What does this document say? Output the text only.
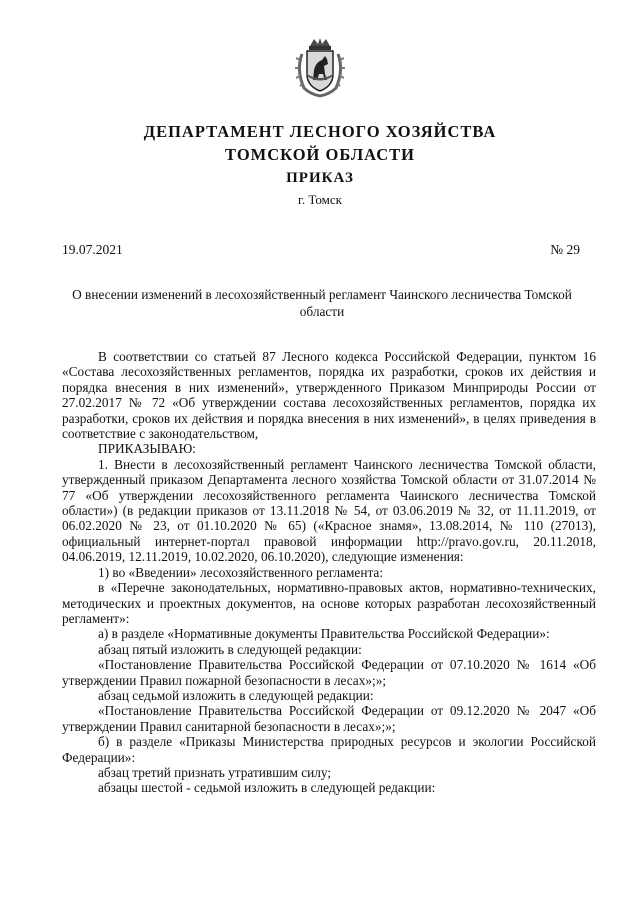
ДЕПАРТАМЕНТ ЛЕСНОГО ХОЗЯЙСТВА
ТОМСКОЙ ОБЛАСТИ
ПРИКАЗ
г. Томск
19.07.2021	№ 29
О внесении изменений в лесохозяйственный регламент Чаинского лесничества Томской области

В соответствии со статьей 87 Лесного кодекса Российской Федерации, пунктом 16 «Состава лесохозяйственных регламентов, порядка их разработки, сроков их действия и порядка внесения в них изменений», утвержденного Приказом Минприроды России от 27.02.2017 № 72 «Об утверждении состава лесохозяйственных регламентов, порядка их разработки, сроков их действия и порядка внесения в них изменений», в целях приведения в соответствие с законодательством,

ПРИКАЗЫВАЮ:

1. Внести в лесохозяйственный регламент Чаинского лесничества Томской области, утвержденный приказом Департамента лесного хозяйства Томской области от 31.07.2014 № 77 «Об утверждении лесохозяйственного регламента Чаинского лесничества Томской области») (в редакции приказов от 13.11.2018 № 54, от 03.06.2019 № 32, от 11.11.2019, от 06.02.2020 № 23, от 01.10.2020 № 65) («Красное знамя», 13.08.2014, № 110 (27013), официальный интернет-портал правовой информации http://pravo.gov.ru, 20.11.2018, 04.06.2019, 12.11.2019, 10.02.2020, 06.10.2020), следующие изменения:

1) во «Введении» лесохозяйственного регламента:

в «Перечне законодательных, нормативно-правовых актов, нормативно-технических, методических и проектных документов, на основе которых разработан лесохозяйственный регламент»:

а) в разделе «Нормативные документы Правительства Российской Федерации»:

абзац пятый изложить в следующей редакции:

«Постановление Правительства Российской Федерации от 07.10.2020 № 1614 «Об утверждении Правил пожарной безопасности в лесах»;»;

абзац седьмой изложить в следующей редакции:

«Постановление Правительства Российской Федерации от 09.12.2020 № 2047 «Об утверждении Правил санитарной безопасности в лесах»;»;

б) в разделе «Приказы Министерства природных ресурсов и экологии Российской Федерации»:

абзац третий признать утратившим силу;

абзацы шестой - седьмой изложить в следующей редакции:
